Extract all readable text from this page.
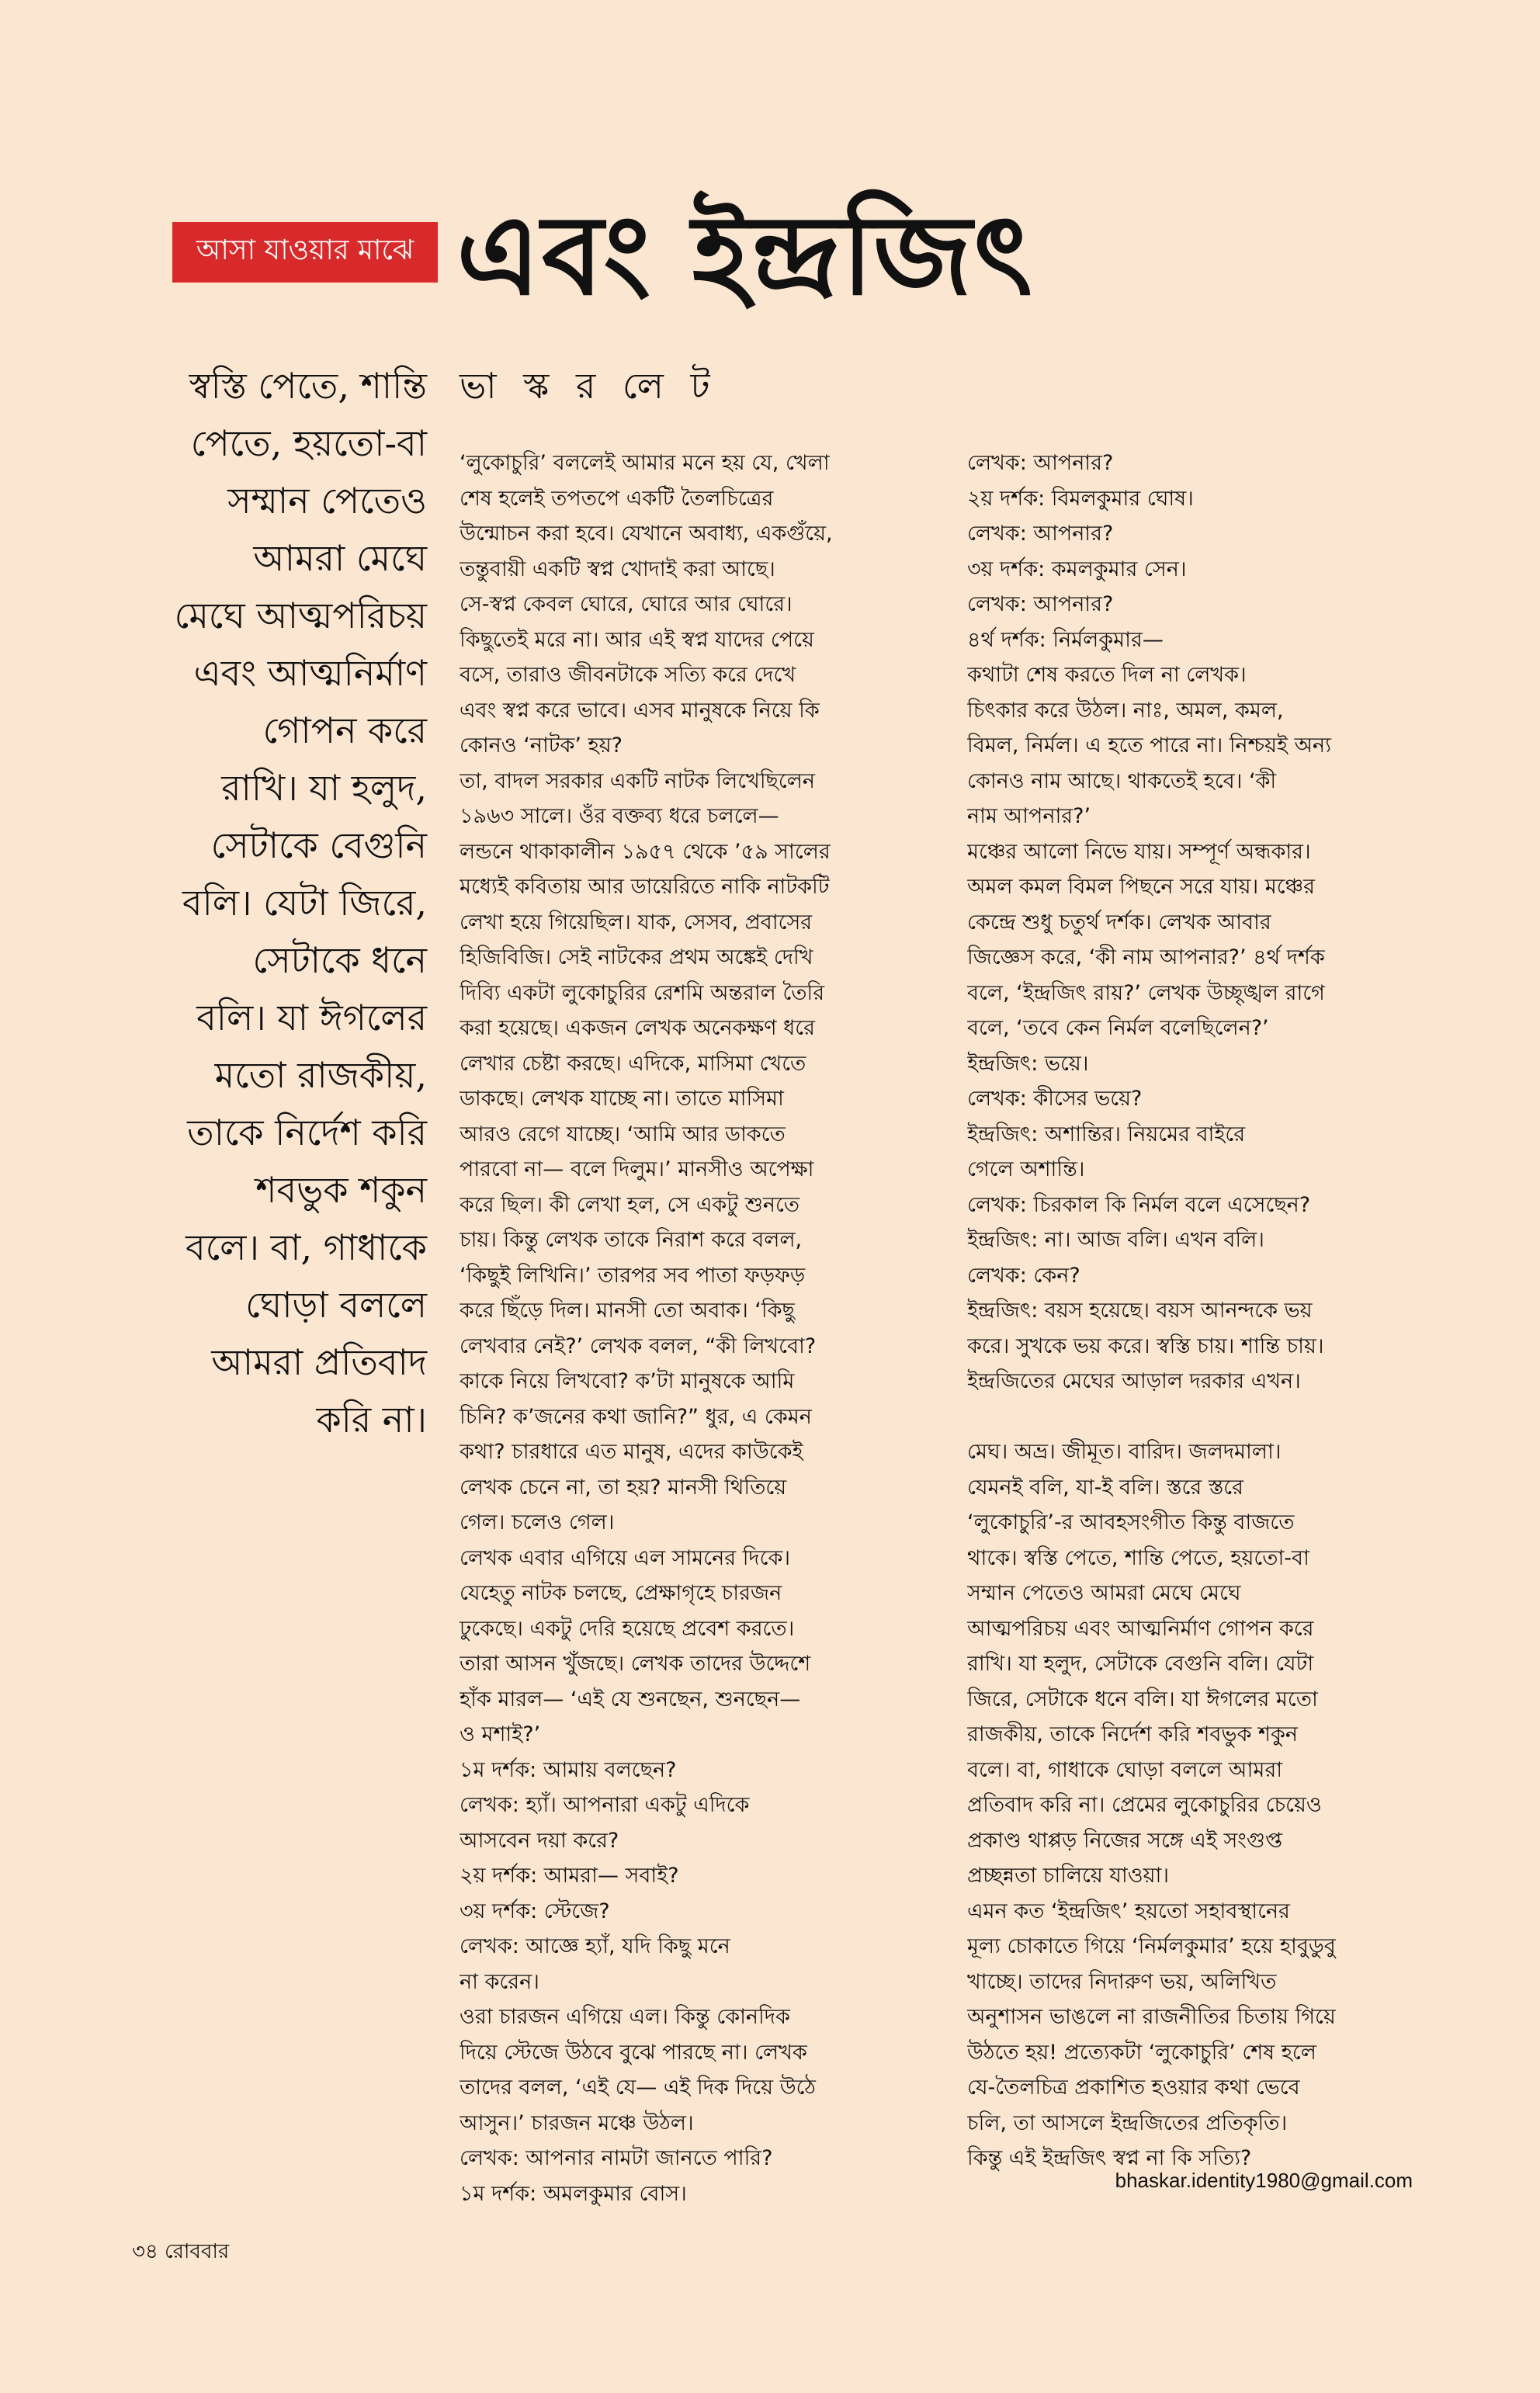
আসা যাওয়ার মাঝে এবং ইন্দ্রজিৎ
ভা স্ক র লে ট
স্বস্তি পেতে, শান্তি
পেতে, হয়তো-বা
সম্মান পেতেও
আমরা মেঘে
মেঘে আত্মপরিচয়
এবং আত্মনির্মাণ
গোপন করে
রাখি। যা হলুদ,
সেটাকে বেগুনি
বলি। যেটা জিরে,
সেটাকে ধনে
বলি। যা ঈগলের
মতো রাজকীয়,
তাকে নির্দেশ করি
শবভুক শকুন
বলে। বা, গাধাকে
ঘোড়া বললে
আমরা প্রতিবাদ
করি না।
‘লুকোচুরি’ বললেই আমার মনে হয় যে, খেলা
শেষ হলেই তপতপে একটি তৈলচিত্রের
উন্মোচন করা হবে। যেখানে অবাধ্য, একগুঁয়ে,
তন্তুবায়ী একটি স্বপ্ন খোদাই করা আছে।
সে-স্বপ্ন কেবল ঘোরে, ঘোরে আর ঘোরে।
কিছুতেই মরে না। আর এই স্বপ্ন যাদের পেয়ে
বসে, তারাও জীবনটাকে সত্যি করে দেখে
এবং স্বপ্ন করে ভাবে। এসব মানুষকে নিয়ে কি
কোনও ‘নাটক’ হয়?
তা, বাদল সরকার একটি নাটক লিখেছিলেন
১৯৬৩ সালে। ওঁর বক্তব্য ধরে চললে—
লন্ডনে থাকাকালীন ১৯৫৭ থেকে ’৫৯ সালের
মধ্যেই কবিতায় আর ডায়েরিতে নাকি নাটকটি
লেখা হয়ে গিয়েছিল। যাক, সেসব, প্রবাসের
হিজিবিজি। সেই নাটকের প্রথম অঙ্কেই দেখি
দিব্যি একটা লুকোচুরির রেশমি অন্তরাল তৈরি
করা হয়েছে। একজন লেখক অনেকক্ষণ ধরে
লেখার চেষ্টা করছে। এদিকে, মাসিমা খেতে
ডাকছে। লেখক যাচ্ছে না। তাতে মাসিমা
আরও রেগে যাচ্ছে। ‘আমি আর ডাকতে
পারবো না— বলে দিলুম।’ মানসীও অপেক্ষা
করে ছিল। কী লেখা হল, সে একটু শুনতে
চায়। কিন্তু লেখক তাকে নিরাশ করে বলল,
‘কিছুই লিখিনি।’ তারপর সব পাতা ফড়ফড়
করে ছিঁড়ে দিল। মানসী তো অবাক। ‘কিছু
লেখবার নেই?’ লেখক বলল, “কী লিখবো?
কাকে নিয়ে লিখবো? ক’টা মানুষকে আমি
চিনি? ক’জনের কথা জানি?” ধুর, এ কেমন
কথা? চারধারে এত মানুষ, এদের কাউকেই
লেখক চেনে না, তা হয়? মানসী থিতিয়ে
গেল। চলেও গেল।
লেখক এবার এগিয়ে এল সামনের দিকে।
যেহেতু নাটক চলছে, প্রেক্ষাগৃহে চারজন
ঢুকেছে। একটু দেরি হয়েছে প্রবেশ করতে।
তারা আসন খুঁজছে। লেখক তাদের উদ্দেশে
হাঁক মারল— ‘এই যে শুনছেন, শুনছেন—
ও মশাই?’
১ম দর্শক: আমায় বলছেন?
লেখক: হ্যাঁ। আপনারা একটু এদিকে
আসবেন দয়া করে?
২য় দর্শক: আমরা— সবাই?
৩য় দর্শক: স্টেজে?
লেখক: আজ্ঞে হ্যাঁ, যদি কিছু মনে
না করেন।
ওরা চারজন এগিয়ে এল। কিন্তু কোনদিক
দিয়ে স্টেজে উঠবে বুঝে পারছে না। লেখক
তাদের বলল, ‘এই যে— এই দিক দিয়ে উঠে
আসুন।’ চারজন মঞ্চে উঠল।
লেখক: আপনার নামটা জানতে পারি?
১ম দর্শক: অমলকুমার বোস।
লেখক: আপনার?
২য় দর্শক: বিমলকুমার ঘোষ।
লেখক: আপনার?
৩য় দর্শক: কমলকুমার সেন।
লেখক: আপনার?
৪র্থ দর্শক: নির্মলকুমার—
কথাটা শেষ করতে দিল না লেখক।
চিৎকার করে উঠল। নাঃ, অমল, কমল,
বিমল, নির্মল। এ হতে পারে না। নিশ্চয়ই অন্য
কোনও নাম আছে। থাকতেই হবে। ‘কী
নাম আপনার?’
মঞ্চের আলো নিভে যায়। সম্পূর্ণ অন্ধকার।
অমল কমল বিমল পিছনে সরে যায়। মঞ্চের
কেন্দ্রে শুধু চতুর্থ দর্শক। লেখক আবার
জিজ্ঞেস করে, ‘কী নাম আপনার?’ ৪র্থ দর্শক
বলে, ‘ইন্দ্রজিৎ রায়?’ লেখক উচ্ছৃঙ্খল রাগে
বলে, ‘তবে কেন নির্মল বলেছিলেন?’
ইন্দ্রজিৎ: ভয়ে।
লেখক: কীসের ভয়ে?
ইন্দ্রজিৎ: অশান্তির। নিয়মের বাইরে
গেলে অশান্তি।
লেখক: চিরকাল কি নির্মল বলে এসেছেন?
ইন্দ্রজিৎ: না। আজ বলি। এখন বলি।
লেখক: কেন?
ইন্দ্রজিৎ: বয়স হয়েছে। বয়স আনন্দকে ভয়
করে। সুখকে ভয় করে। স্বস্তি চায়। শান্তি চায়।
ইন্দ্রজিতের মেঘের আড়াল দরকার এখন।
মেঘ। অভ্র। জীমূত। বারিদ। জলদমালা।
যেমনই বলি, যা-ই বলি। স্তরে স্তরে
‘লুকোচুরি’-র আবহসংগীত কিন্তু বাজতে
থাকে। স্বস্তি পেতে, শান্তি পেতে, হয়তো-বা
সম্মান পেতেও আমরা মেঘে মেঘে
আত্মপরিচয় এবং আত্মনির্মাণ গোপন করে
রাখি। যা হলুদ, সেটাকে বেগুনি বলি। যেটা
জিরে, সেটাকে ধনে বলি। যা ঈগলের মতো
রাজকীয়, তাকে নির্দেশ করি শবভুক শকুন
বলে। বা, গাধাকে ঘোড়া বললে আমরা
প্রতিবাদ করি না। প্রেমের লুকোচুরির চেয়েও
প্রকাণ্ড থাপ্পড় নিজের সঙ্গে এই সংগুপ্ত
প্রচ্ছন্নতা চালিয়ে যাওয়া।
এমন কত ‘ইন্দ্রজিৎ’ হয়তো সহাবস্থানের
মূল্য চোকাতে গিয়ে ‘নির্মলকুমার’ হয়ে হাবুডুবু
খাচ্ছে। তাদের নিদারুণ ভয়, অলিখিত
অনুশাসন ভাঙলে না রাজনীতির চিতায় গিয়ে
উঠতে হয়! প্রত্যেকটা ‘লুকোচুরি’ শেষ হলে
যে-তৈলচিত্র প্রকাশিত হওয়ার কথা ভেবে
চলি, তা আসলে ইন্দ্রজিতের প্রতিকৃতি।
কিন্তু এই ইন্দ্রজিৎ স্বপ্ন না কি সত্যি?
bhaskar.identity1980@gmail.com
৩৪ রোববার
